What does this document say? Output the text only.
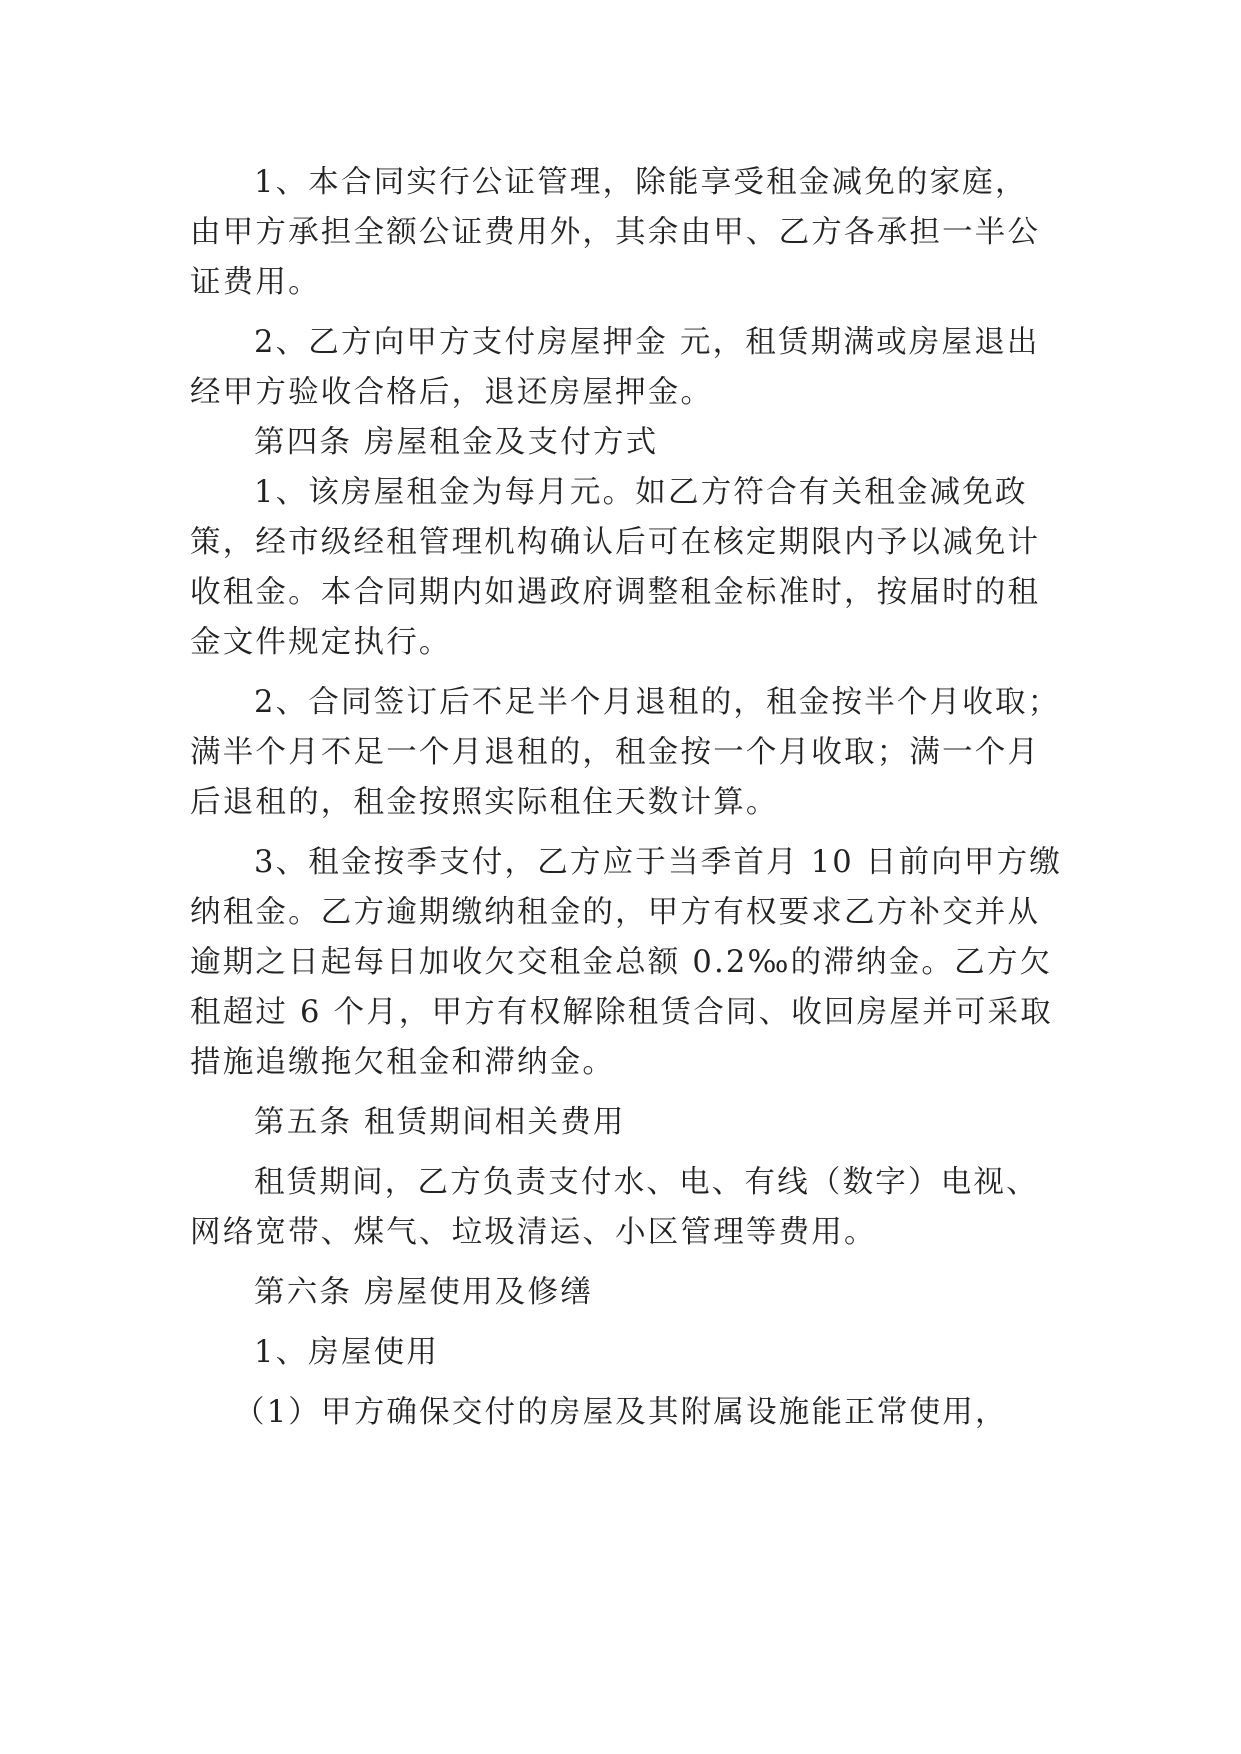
1、本合同实行公证管理，除能享受租金减免的家庭，
由甲方承担全额公证费用外，其余由甲、乙方各承担一半公
证费用。
2、乙方向甲方支付房屋押金 元，租赁期满或房屋退出
经甲方验收合格后，退还房屋押金。
第四条 房屋租金及支付方式
1、该房屋租金为每月元。如乙方符合有关租金减免政
策，经市级经租管理机构确认后可在核定期限内予以减免计
收租金。本合同期内如遇政府调整租金标准时，按届时的租
金文件规定执行。
2、合同签订后不足半个月退租的，租金按半个月收取；
满半个月不足一个月退租的，租金按一个月收取；满一个月
后退租的，租金按照实际租住天数计算。
3、租金按季支付，乙方应于当季首月 10 日前向甲方缴
纳租金。乙方逾期缴纳租金的，甲方有权要求乙方补交并从
逾期之日起每日加收欠交租金总额 0.2‰的滞纳金。乙方欠
租超过 6 个月，甲方有权解除租赁合同、收回房屋并可采取
措施追缴拖欠租金和滞纳金。
第五条 租赁期间相关费用
租赁期间，乙方负责支付水、电、有线（数字）电视、
网络宽带、煤气、垃圾清运、小区管理等费用。
第六条 房屋使用及修缮
1、房屋使用
（1）甲方确保交付的房屋及其附属设施能正常使用，
